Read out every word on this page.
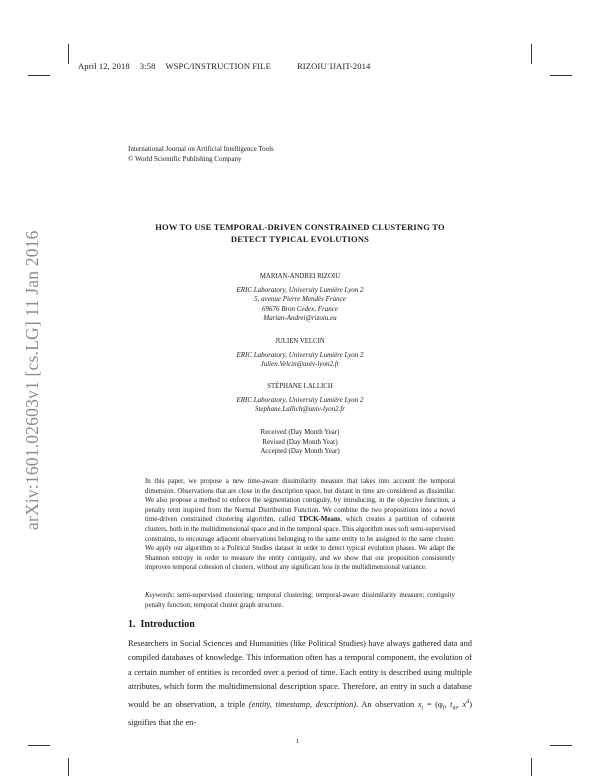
April 12, 2018 3:58 WSPC/INSTRUCTION FILE	RIZOIU˙IJAIT-2014
International Journal on Artificial Intelligence Tools
© World Scientific Publishing Company
arXiv:1601.02603v1 [cs.LG] 11 Jan 2016
HOW TO USE TEMPORAL-DRIVEN CONSTRAINED CLUSTERING TO
DETECT TYPICAL EVOLUTIONS
MARIAN-ANDREI RIZOIU
ERIC Laboratory, University Lumière Lyon 2
5, avenue Pierre Mendès France
69676 Bron Cedex, France
Marian-Andrei@rizoiu.eu
JULIEN VELCIN
ERIC Laboratory, University Lumière Lyon 2
Julien.Velcin@univ-lyon2.fr
STÉPHANE LALLICH
ERIC Laboratory, University Lumière Lyon 2
Stephane.Lallich@univ-lyon2.fr
Received (Day Month Year)
Revised (Day Month Year)
Accepted (Day Month Year)
In this paper, we propose a new time-aware dissimilarity measure that takes into account the temporal dimension. Observations that are close in the description space, but distant in time are considered as dissimilar. We also propose a method to enforce the segmentation contiguity, by introducing, in the objective function, a penalty term inspired from the Normal Distribution Function. We combine the two propositions into a novel time-driven constrained clustering algorithm, called TDCK-Means, which creates a partition of coherent clusters, both in the multidimensional space and in the temporal space. This algorithm uses soft semi-supervised constraints, to encourage adjacent observations belonging to the same entity to be assigned to the same cluster. We apply our algorithm to a Political Studies dataset in order to detect typical evolution phases. We adapt the Shannon entropy in order to measure the entity contiguity, and we show that our proposition consistently improves temporal cohesion of clusters, without any significant loss in the multidimensional variance.
Keywords: semi-supervised clustering; temporal clustering; temporal-aware dissimilarity measure; contiguity penalty function; temporal cluster graph structure.
1. Introduction
Researchers in Social Sciences and Humanities (like Political Studies) have always gathered data and compiled databases of knowledge. This information often has a temporal component, the evolution of a certain number of entities is recorded over a period of time. Each entity is described using multiple attributes, which form the multidimensional description space. Therefore, an entry in such a database would be an observation, a triple (entity, timestamp, description). An observation $x_i = (\varphi_l$, $t_m$, $x^d$) signifies that the en-
1
